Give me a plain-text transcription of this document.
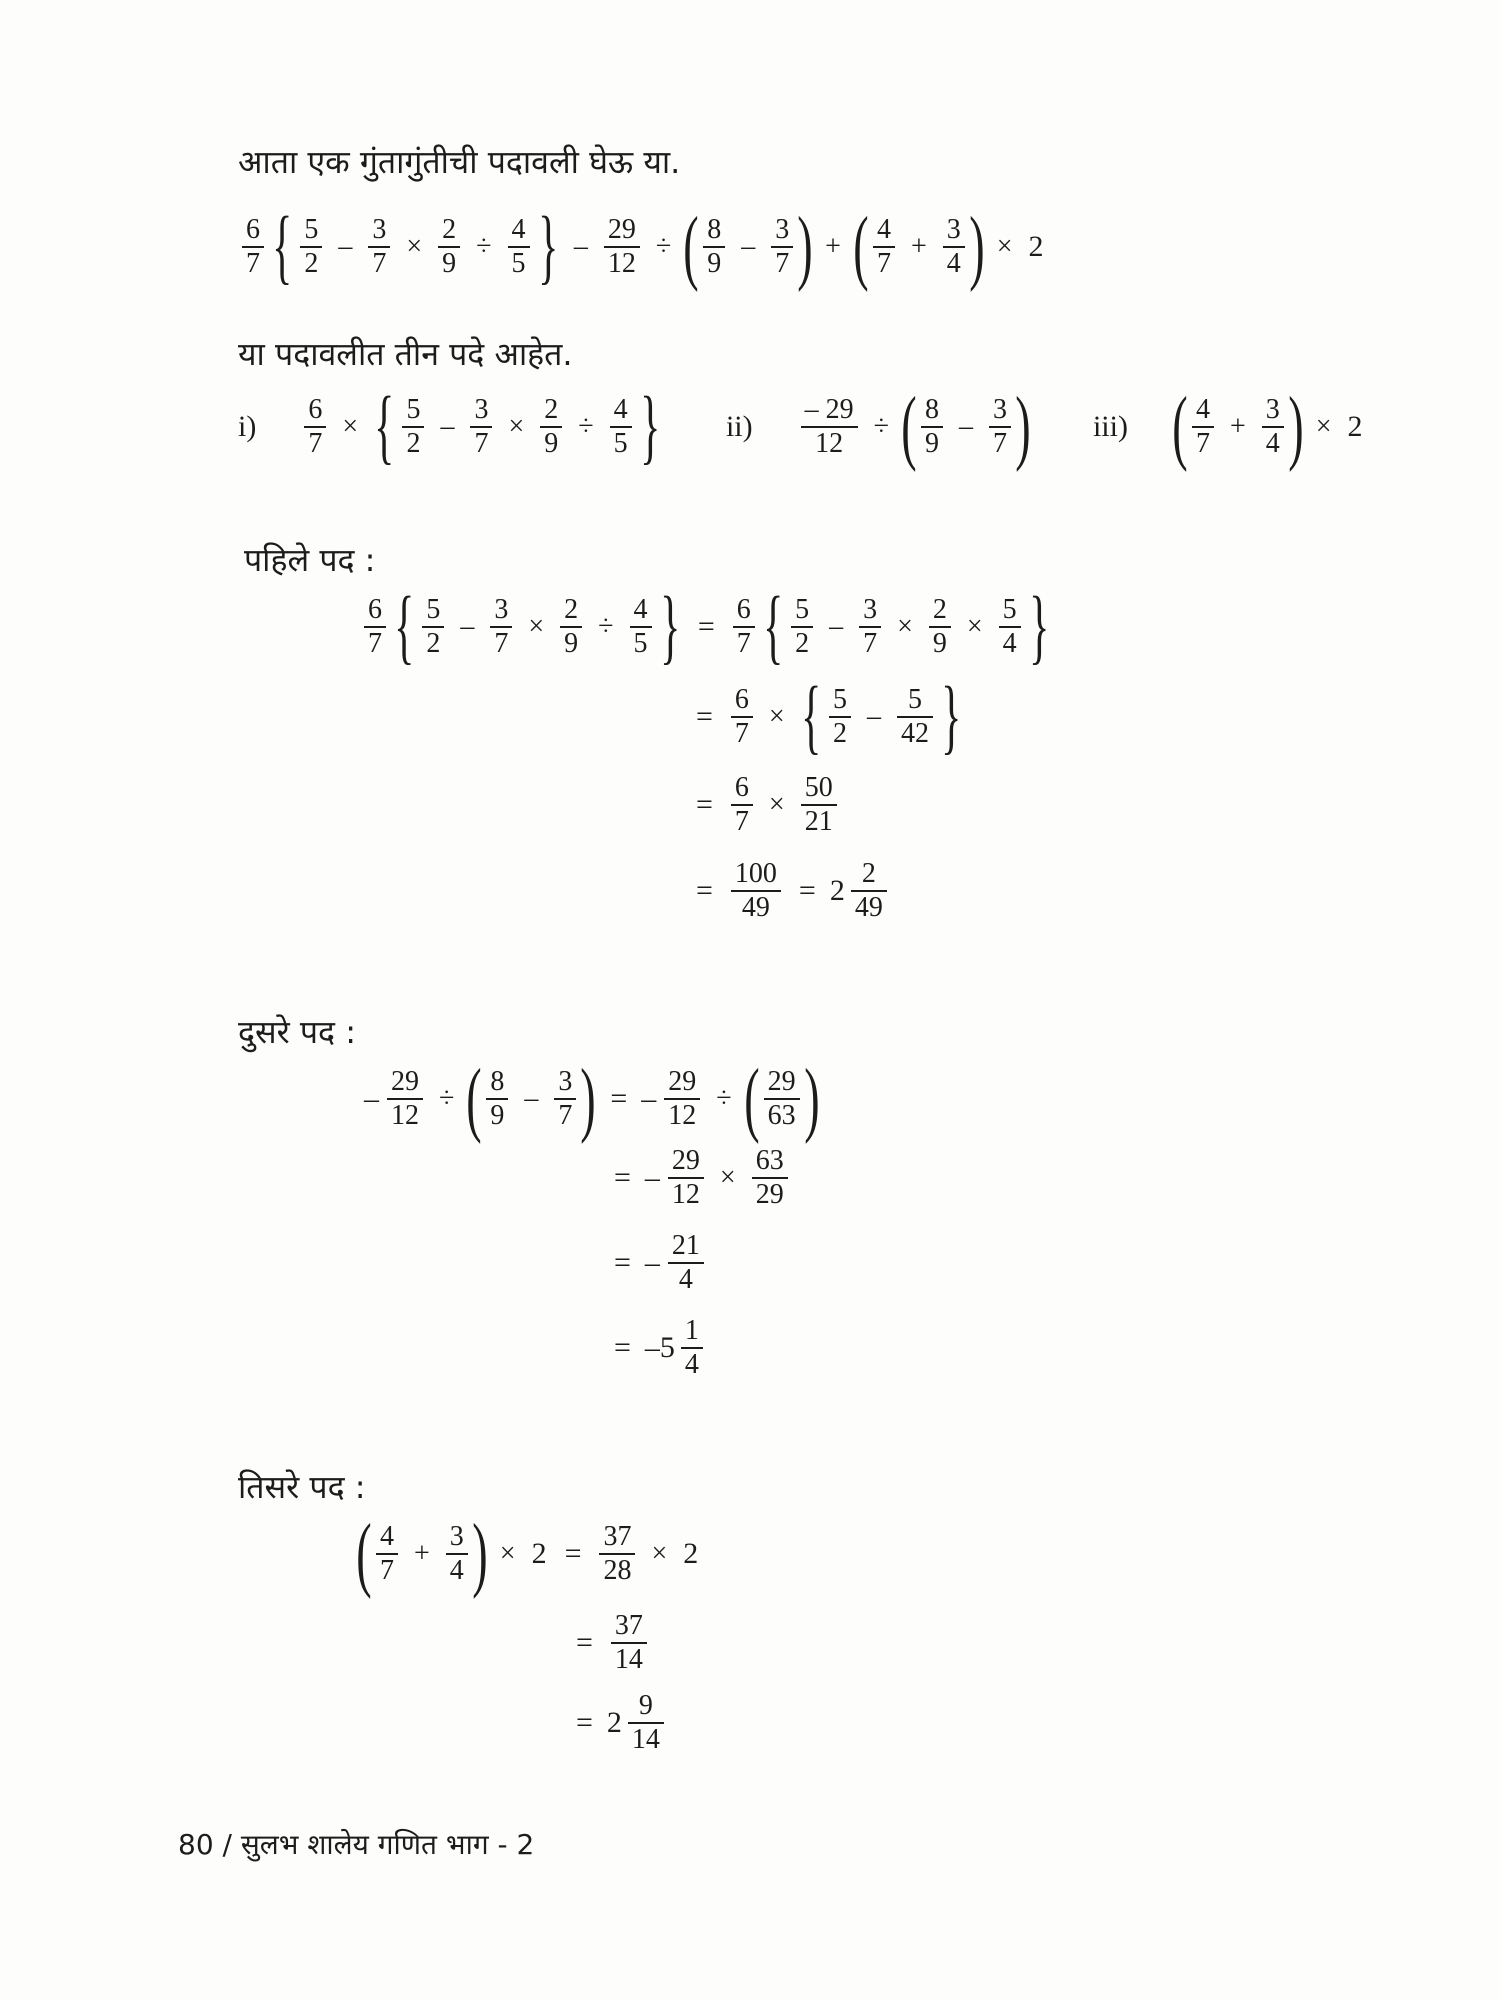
आता एक गुंतागुंतीची पदावली घेऊ या.
$\frac{6}{7}$ { $\frac{5}{2} - \frac{3}{7} \times \frac{2}{9} \div \frac{4}{5}$ } – $\frac{29}{12}$ ÷ ( $\frac{8}{9} - \frac{3}{7}$ ) + ( $\frac{4}{7} + \frac{3}{4}$ ) × 2
या पदावलीत तीन पदे आहेत.
$i) \frac{6}{7}$ × { $\frac{5}{2} - \frac{3}{7} \times \frac{2}{9} \div \frac{4}{5}$ } $ii) \frac{- 29}{12}$ ÷ ( $\frac{8}{9} - \frac{3}{7}$ ) iii) ( $\frac{4}{7} + \frac{3}{4}$ ) × 2
पहिले पद :
$\frac{6}{7}$ { $\frac{5}{2} - \frac{3}{7} \times \frac{2}{9} \div \frac{4}{5}$ } = $\frac{6}{7}$ { $\frac{5}{2} - \frac{3}{7} \times \frac{2}{9} \times \frac{5}{4}$ }
= $\frac{6}{7}$ × { $\frac{5}{2} - \frac{5}{42}$ }
= $\frac{6}{7} \times \frac{50}{21}$
= $\frac{100}{49} = 2 \frac{2}{49}$
दुसरे पद :
– $\frac{29}{12}$ ÷ ( $\frac{8}{9} - \frac{3}{7}$ ) = – $\frac{29}{12}$ ÷ ( $\frac{29}{63}$ )
= – $\frac{29}{12} \times \frac{63}{29}$
= – $\frac{21}{4}$
= $-5 \frac{1}{4}$
तिसरे पद :
( $\frac{4}{7} + \frac{3}{4}$ ) × $2 = \frac{37}{28} \times 2$
= $\frac{37}{14}$
= $2 \frac{9}{14}$
80 / सुलभ शालेय गणित भाग - 2
